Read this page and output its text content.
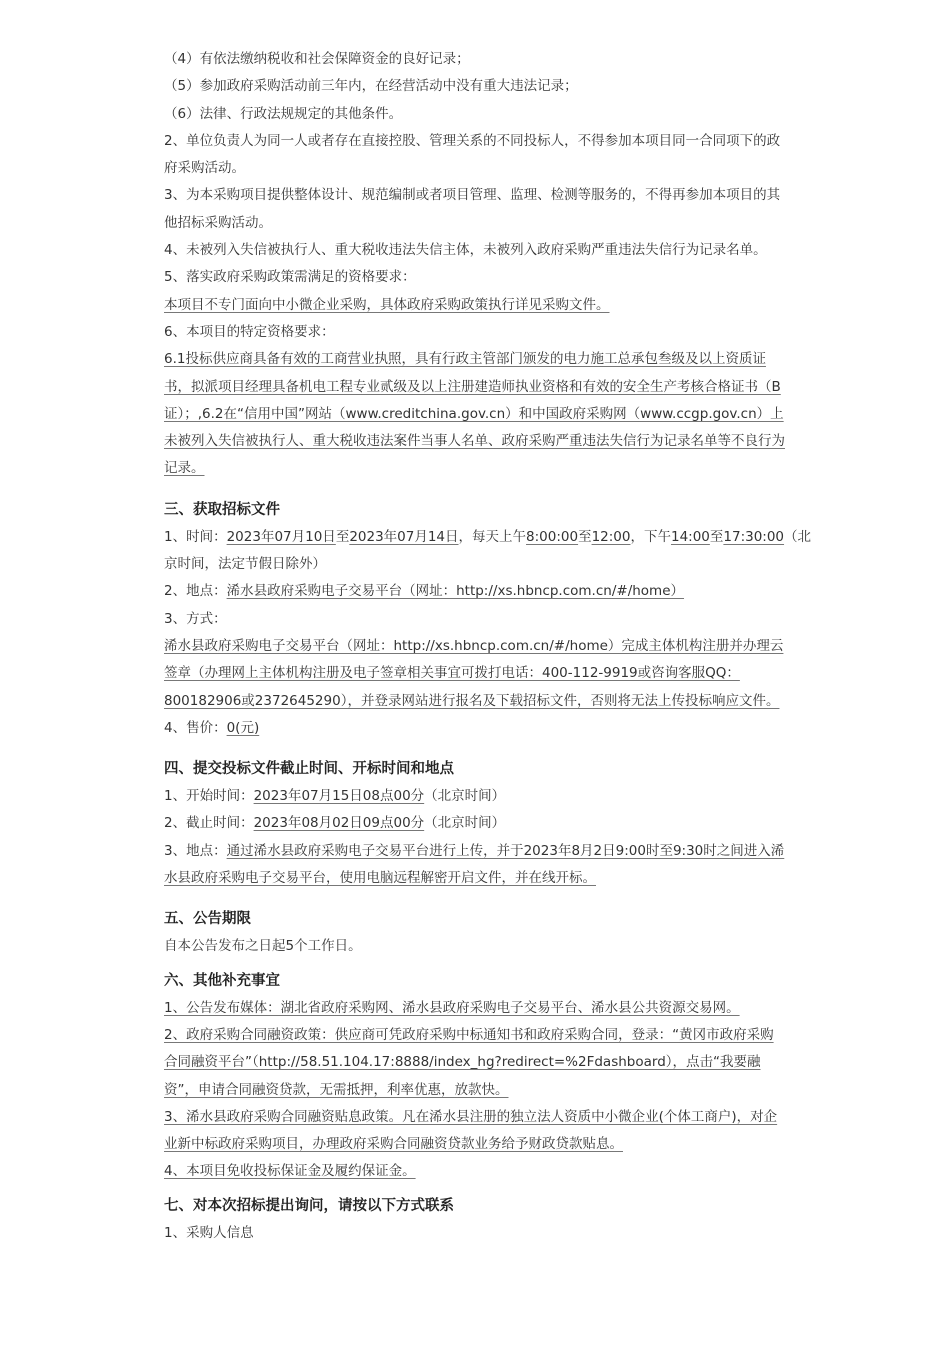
（4）有依法缴纳税收和社会保障资金的良好记录；
（5）参加政府采购活动前三年内，在经营活动中没有重大违法记录；
（6）法律、行政法规规定的其他条件。
2、单位负责人为同一人或者存在直接控股、管理关系的不同投标人，不得参加本项目同一合同项下的政
府采购活动。
3、为本采购项目提供整体设计、规范编制或者项目管理、监理、检测等服务的，不得再参加本项目的其
他招标采购活动。
4、未被列入失信被执行人、重大税收违法失信主体，未被列入政府采购严重违法失信行为记录名单。
5、落实政府采购政策需满足的资格要求：
本项目不专门面向中小微企业采购，具体政府采购政策执行详见采购文件。
6、本项目的特定资格要求：
6.1投标供应商具备有效的工商营业执照，具有行政主管部门颁发的电力施工总承包叁级及以上资质证
书，拟派项目经理具备机电工程专业贰级及以上注册建造师执业资格和有效的安全生产考核合格证书（B
证）；,6.2在“信用中国”网站（www.creditchina.gov.cn）和中国政府采购网（www.ccgp.gov.cn）上
未被列入失信被执行人、重大税收违法案件当事人名单、政府采购严重违法失信行为记录名单等不良行为
记录。
三、获取招标文件
1、时间：2023年07月10日至2023年07月14日，每天上午8:00:00至12:00，下午14:00至17:30:00（北
京时间，法定节假日除外）
2、地点：浠水县政府采购电子交易平台（网址：http://xs.hbncp.com.cn/#/home）
3、方式：
浠水县政府采购电子交易平台（网址：http://xs.hbncp.com.cn/#/home）完成主体机构注册并办理云
签章（办理网上主体机构注册及电子签章相关事宜可拨打电话：400-112-9919或咨询客服QQ：
800182906或2372645290），并登录网站进行报名及下载招标文件，否则将无法上传投标响应文件。
4、售价：0(元)
四、提交投标文件截止时间、开标时间和地点
1、开始时间：2023年07月15日08点00分（北京时间）
2、截止时间：2023年08月02日09点00分（北京时间）
3、地点：通过浠水县政府采购电子交易平台进行上传，并于2023年8月2日9:00时至9:30时之间进入浠
水县政府采购电子交易平台，使用电脑远程解密开启文件，并在线开标。
五、公告期限
自本公告发布之日起5个工作日。
六、其他补充事宜
1、公告发布媒体：湖北省政府采购网、浠水县政府采购电子交易平台、浠水县公共资源交易网。
2、政府采购合同融资政策：供应商可凭政府采购中标通知书和政府采购合同，登录：“黄冈市政府采购
合同融资平台”（http://58.51.104.17:8888/index_hg?redirect=%2Fdashboard），点击“我要融
资”，申请合同融资贷款，无需抵押，利率优惠，放款快。
3、浠水县政府采购合同融资贴息政策。凡在浠水县注册的独立法人资质中小微企业(个体工商户)，对企
业新中标政府采购项目，办理政府采购合同融资贷款业务给予财政贷款贴息。
4、本项目免收投标保证金及履约保证金。
七、对本次招标提出询问，请按以下方式联系
1、采购人信息
